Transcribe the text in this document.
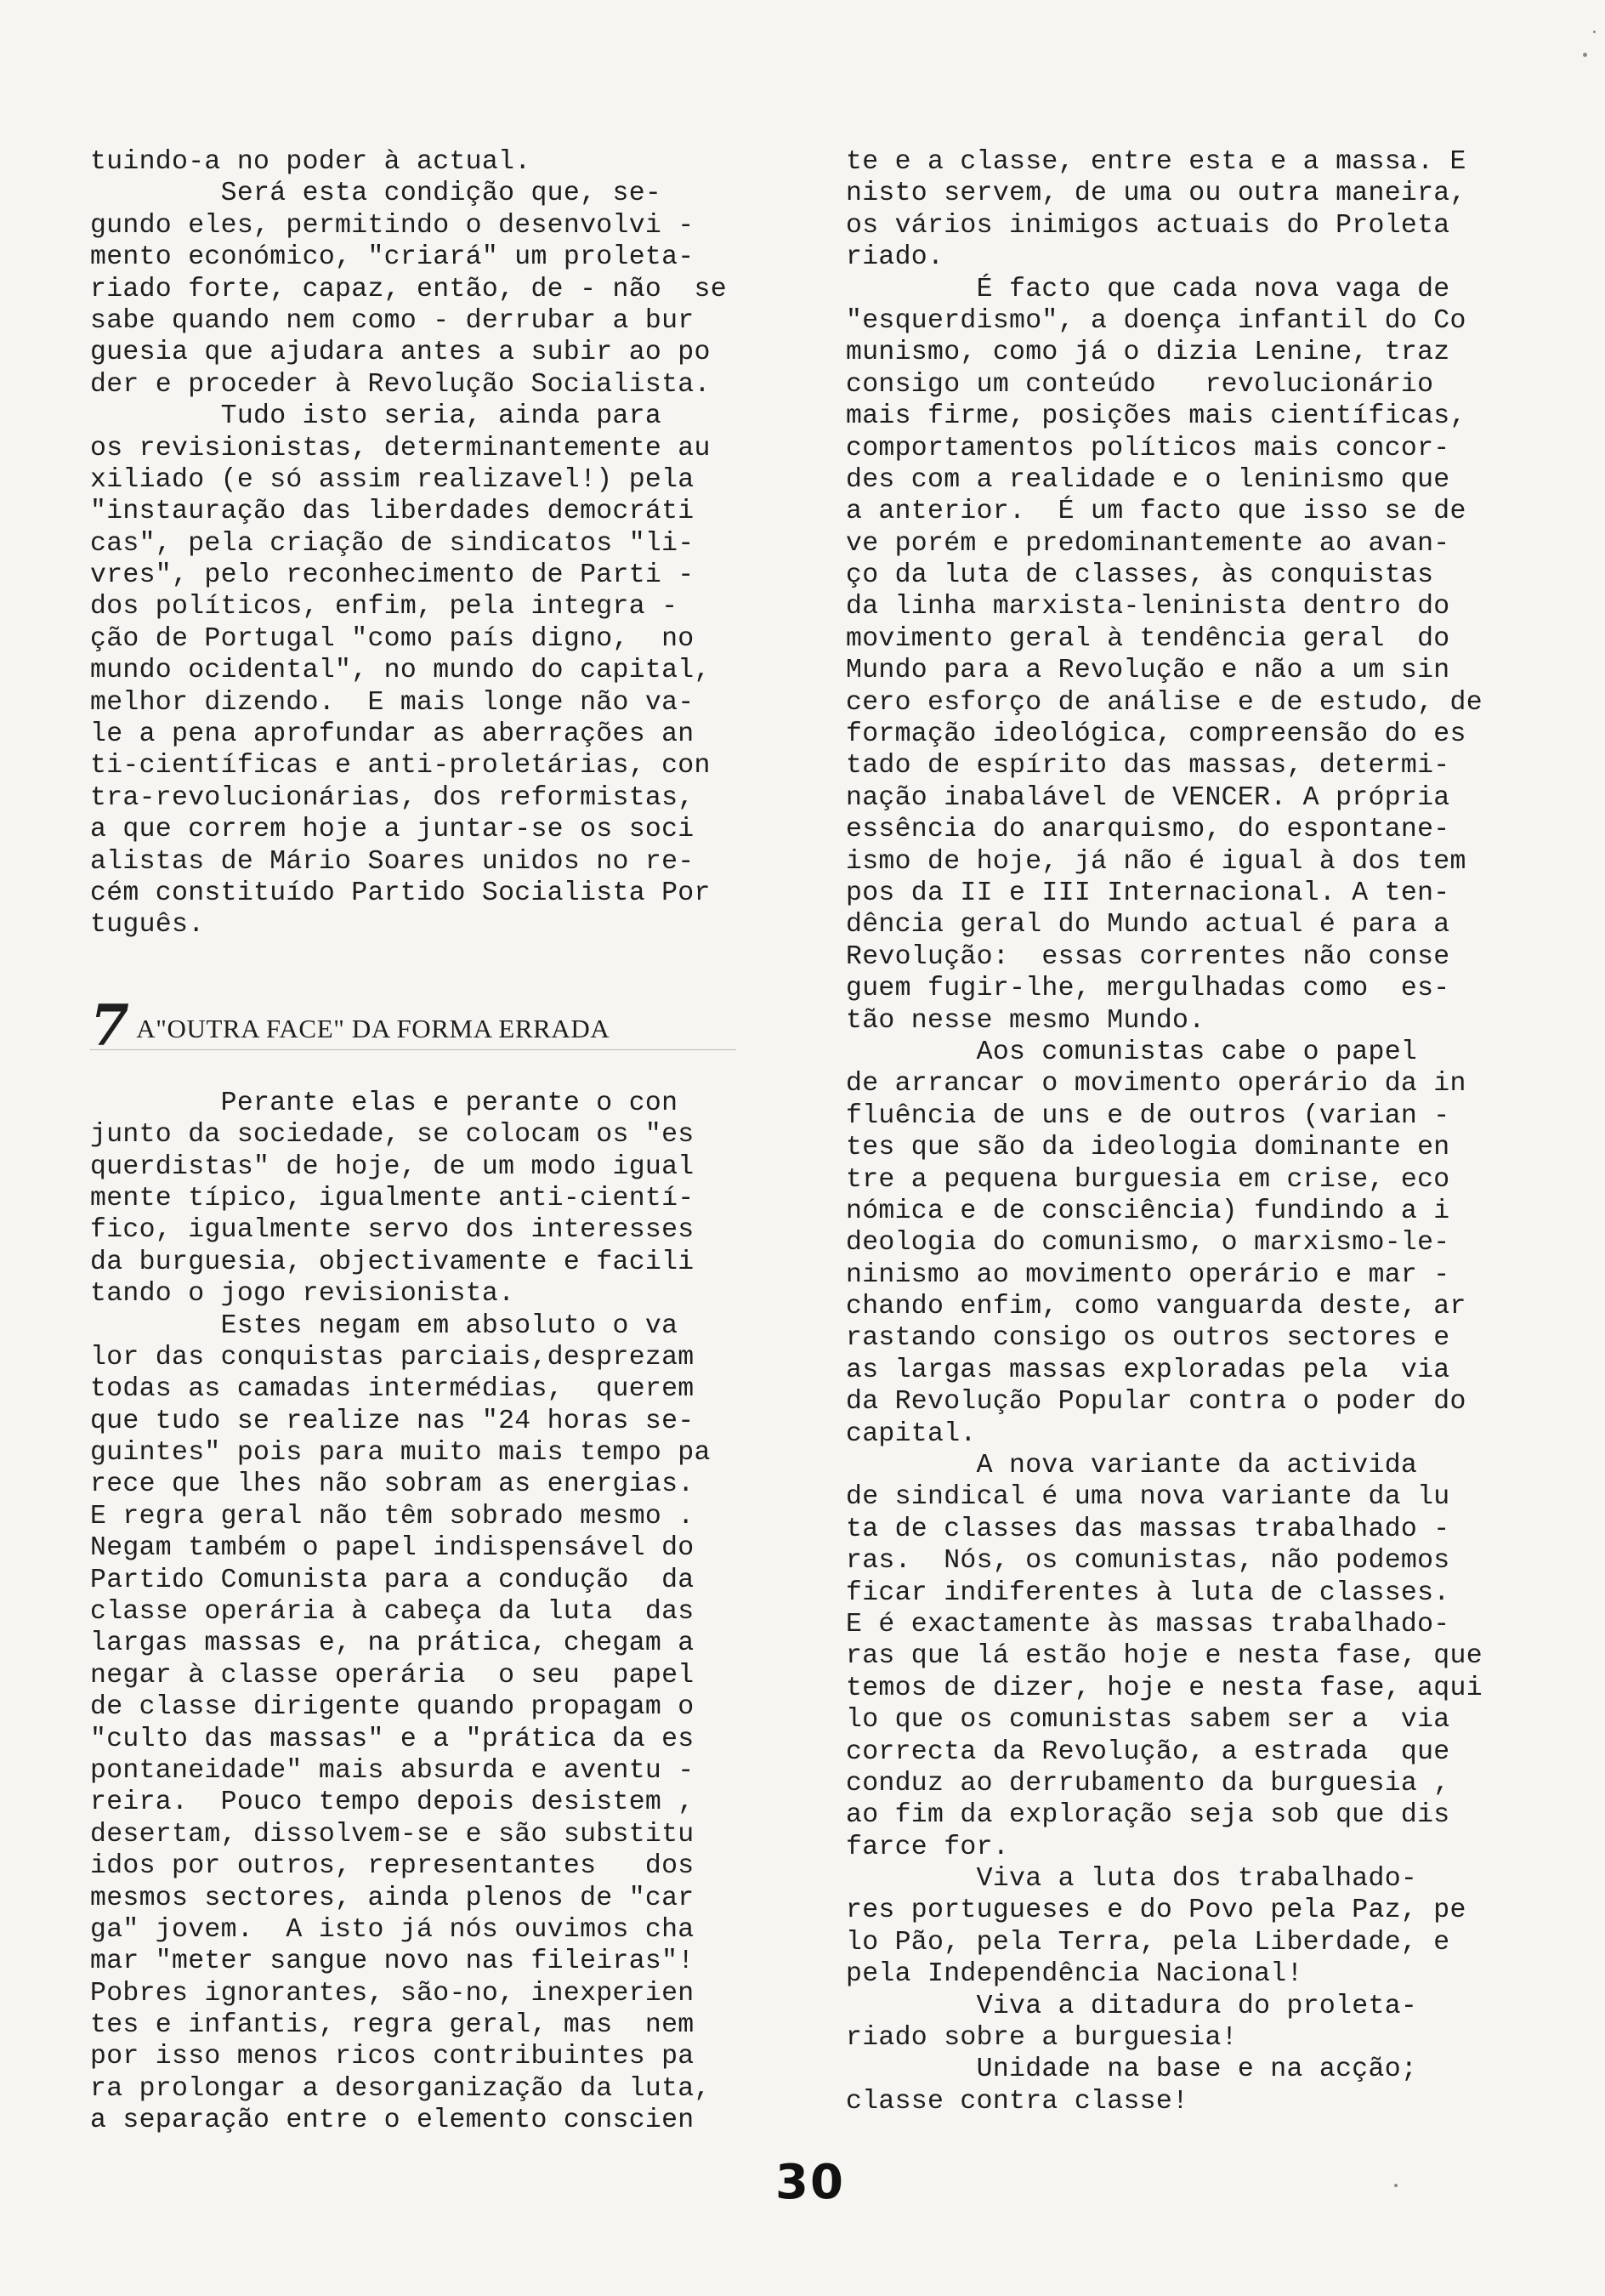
tuindo-a no poder à actual.
Será esta condição que, se-
gundo eles, permitindo o desenvolvi -
mento económico, "criará" um proleta-
riado forte, capaz, então, de - não  se
sabe quando nem como - derrubar a bur
guesia que ajudara antes a subir ao po
der e proceder à Revolução Socialista.
Tudo isto seria, ainda para
os revisionistas, determinantemente au
xiliado (e só assim realizavel!) pela
"instauração das liberdades democráti
cas", pela criação de sindicatos "li-
vres", pelo reconhecimento de Parti -
dos políticos, enfim, pela integra -
ção de Portugal "como país digno,  no
mundo ocidental", no mundo do capital,
melhor dizendo.  E mais longe não va-
le a pena aprofundar as aberrações an
ti-científicas e anti-proletárias, con
tra-revolucionárias, dos reformistas,
a que correm hoje a juntar-se os soci
alistas de Mário Soares unidos no re-
cém constituído Partido Socialista Por
tuguês.
7 A"OUTRA FACE" DA FORMA ERRADA
Perante elas e perante o con
junto da sociedade, se colocam os "es
querdistas" de hoje, de um modo igual
mente típico, igualmente anti-cientí-
fico, igualmente servo dos interesses
da burguesia, objectivamente e facili
tando o jogo revisionista.
Estes negam em absoluto o va
lor das conquistas parciais,desprezam
todas as camadas intermédias,  querem
que tudo se realize nas "24 horas se-
guintes" pois para muito mais tempo pa
rece que lhes não sobram as energias.
E regra geral não têm sobrado mesmo .
Negam também o papel indispensável do
Partido Comunista para a condução  da
classe operária à cabeça da luta  das
largas massas e, na prática, chegam a
negar à classe operária  o seu  papel
de classe dirigente quando propagam o
"culto das massas" e a "prática da es
pontaneidade" mais absurda e aventu -
reira.  Pouco tempo depois desistem ,
desertam, dissolvem-se e são substitu
idos por outros, representantes   dos
mesmos sectores, ainda plenos de "car
ga" jovem.  A isto já nós ouvimos cha
mar "meter sangue novo nas fileiras"!
Pobres ignorantes, são-no, inexperien
tes e infantis, regra geral, mas  nem
por isso menos ricos contribuintes pa
ra prolongar a desorganização da luta,
a separação entre o elemento conscien
te e a classe, entre esta e a massa. E
nisto servem, de uma ou outra maneira,
os vários inimigos actuais do Proleta
riado.
É facto que cada nova vaga de
"esquerdismo", a doença infantil do Co
munismo, como já o dizia Lenine, traz
consigo um conteúdo   revolucionário
mais firme, posições mais científicas,
comportamentos políticos mais concor-
des com a realidade e o leninismo que
a anterior.  É um facto que isso se de
ve porém e predominantemente ao avan-
ço da luta de classes, às conquistas
da linha marxista-leninista dentro do
movimento geral à tendência geral  do
Mundo para a Revolução e não a um sin
cero esforço de análise e de estudo, de
formação ideológica, compreensão do es
tado de espírito das massas, determi-
nação inabalável de VENCER. A própria
essência do anarquismo, do espontane-
ismo de hoje, já não é igual à dos tem
pos da II e III Internacional. A ten-
dência geral do Mundo actual é para a
Revolução:  essas correntes não conse
guem fugir-lhe, mergulhadas como  es-
tão nesse mesmo Mundo.
Aos comunistas cabe o papel
de arrancar o movimento operário da in
fluência de uns e de outros (varian -
tes que são da ideologia dominante en
tre a pequena burguesia em crise, eco
nómica e de consciência) fundindo a i
deologia do comunismo, o marxismo-le-
ninismo ao movimento operário e mar -
chando enfim, como vanguarda deste, ar
rastando consigo os outros sectores e
as largas massas exploradas pela  via
da Revolução Popular contra o poder do
capital.
A nova variante da activida
de sindical é uma nova variante da lu
ta de classes das massas trabalhado -
ras.  Nós, os comunistas, não podemos
ficar indiferentes à luta de classes.
E é exactamente às massas trabalhado-
ras que lá estão hoje e nesta fase, que
temos de dizer, hoje e nesta fase, aqui
lo que os comunistas sabem ser a  via
correcta da Revolução, a estrada  que
conduz ao derrubamento da burguesia ,
ao fim da exploração seja sob que dis
farce for.
Viva a luta dos trabalhado-
res portugueses e do Povo pela Paz, pe
lo Pão, pela Terra, pela Liberdade, e
pela Independência Nacional!
Viva a ditadura do proleta-
riado sobre a burguesia!
Unidade na base e na acção;
classe contra classe!
30
